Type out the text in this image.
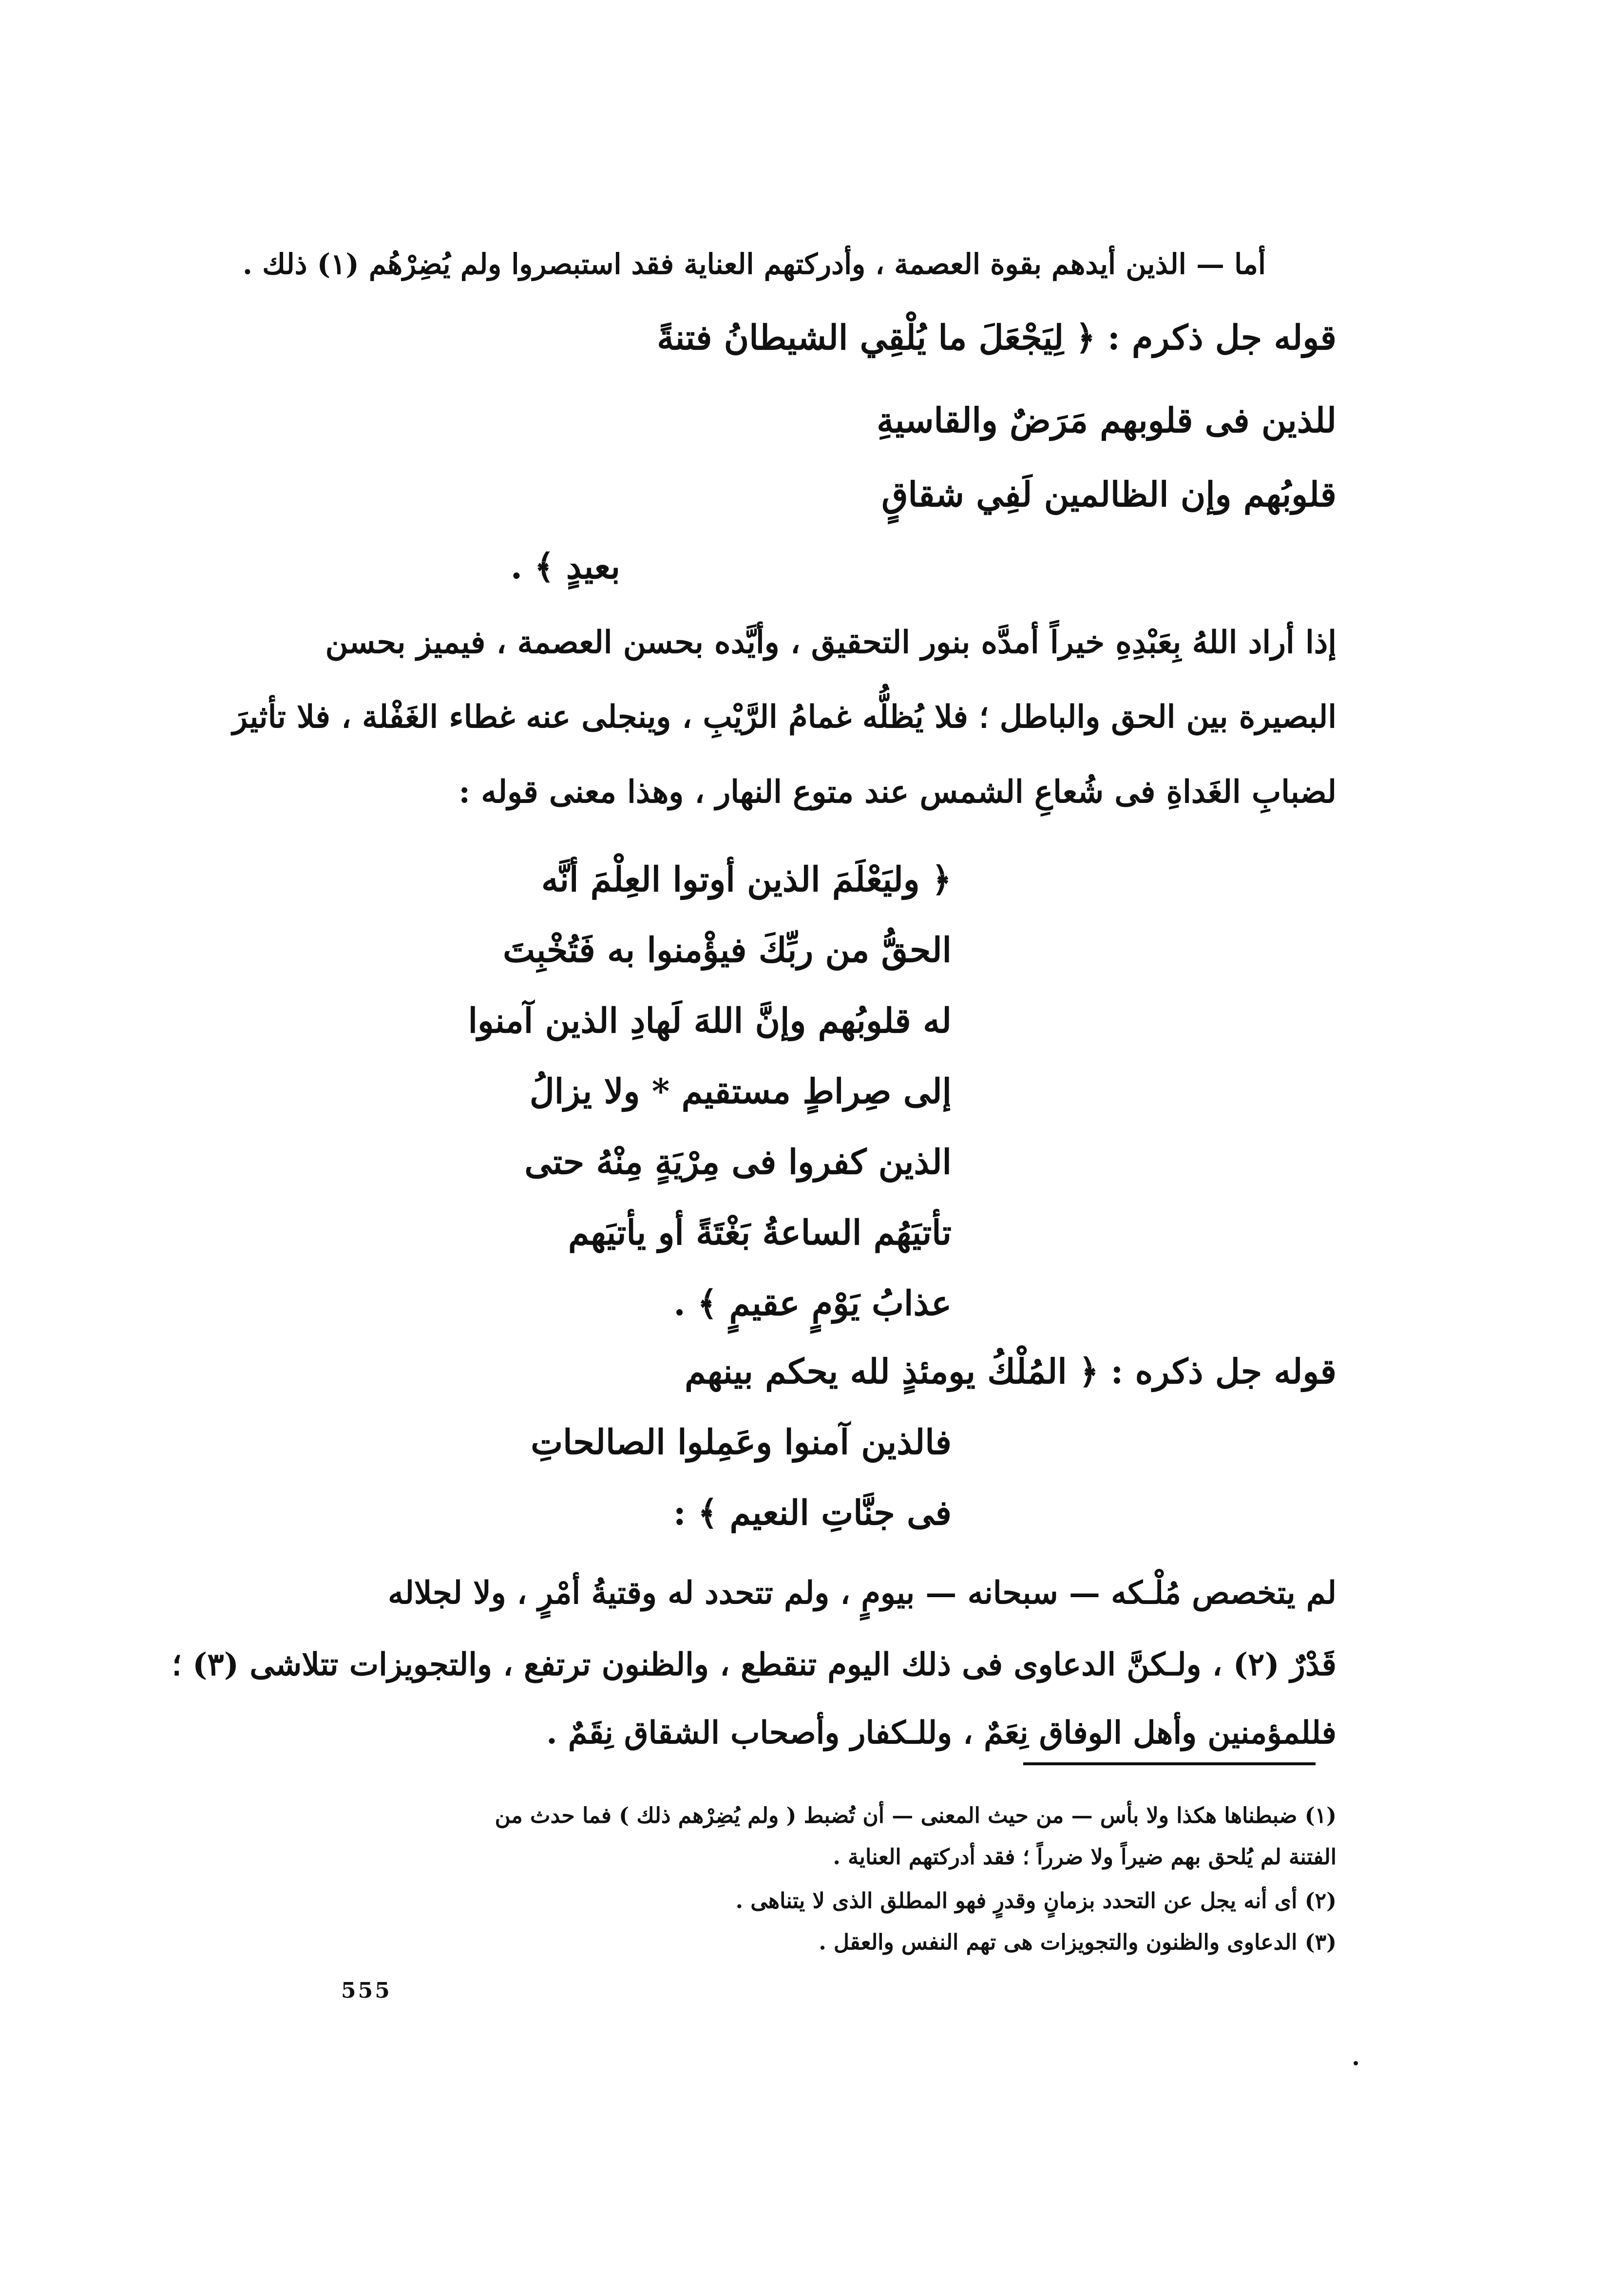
أما — الذين أيدهم بقوة العصمة ، وأدركتهم العناية فقد استبصروا ولم يُضِرْهُم (١) ذلك .
قوله جل ذكرم : ﴿ لِيَجْعَلَ ما يُلْقِي الشيطانُ فتنةً
للذين فى قلوبهم مَرَضٌ والقاسيةِ
قلوبُهم وإن الظالمين لَفِي شقاقٍ
بعيدٍ ﴾ .
إذا أراد اللهُ بِعَبْدِهِ خيراً أمدَّه بنور التحقيق ، وأيَّده بحسن العصمة ، فيميز بحسن
البصيرة بين الحق والباطل ؛ فلا يُظلُّه غمامُ الرَّيْبِ ، وينجلى عنه غطاء الغَفْلة ، فلا تأثيرَ
لضبابِ الغَداةِ فى شُعاعِ الشمس عند متوع النهار ، وهذا معنى قوله :
﴿ وليَعْلَمَ الذين أوتوا العِلْمَ أنَّه
الحقُّ من ربِّكَ فيؤْمنوا به فَتُخْبِتَ
له قلوبُهم وإنَّ اللهَ لَهادِ الذين آمنوا
إلى صِراطٍ مستقيم * ولا يزالُ
الذين كفروا فى مِرْيَةٍ مِنْهُ حتى
تأتيَهُم الساعةُ بَغْتَةً أو يأتيَهم
عذابُ يَوْمٍ عقيمٍ ﴾ .
قوله جل ذكره : ﴿ المُلْكُ يومئذٍ لله يحكم بينهم
فالذين آمنوا وعَمِلوا الصالحاتِ
فى جنَّاتِ النعيم ﴾ :
لم يتخصص مُلْـكه — سبحانه — بيومٍ ، ولم تتحدد له وقتيةُ أمْرٍ ، ولا لجلاله
قَدْرٌ (٢) ، ولـكنَّ الدعاوى فى ذلك اليوم تنقطع ، والظنون ترتفع ، والتجويزات تتلاشى (٣) ؛
فللمؤمنين وأهل الوفاق نِعَمٌ ، وللـكفار وأصحاب الشقاق نِقَمٌ .
(١) ضبطناها هكذا ولا بأس — من حيث المعنى — أن تُضبط ( ولم يُضِرْهم ذلك ) فما حدث من
الفتنة لم يُلحق بهم ضيراً ولا ضرراً ؛ فقد أدركتهم العناية .
(٢) أى أنه يجل عن التحدد بزمانٍ وقدرٍ فهو المطلق الذى لا يتناهى .
(٣) الدعاوى والظنون والتجويزات هى تهم النفس والعقل .
555
